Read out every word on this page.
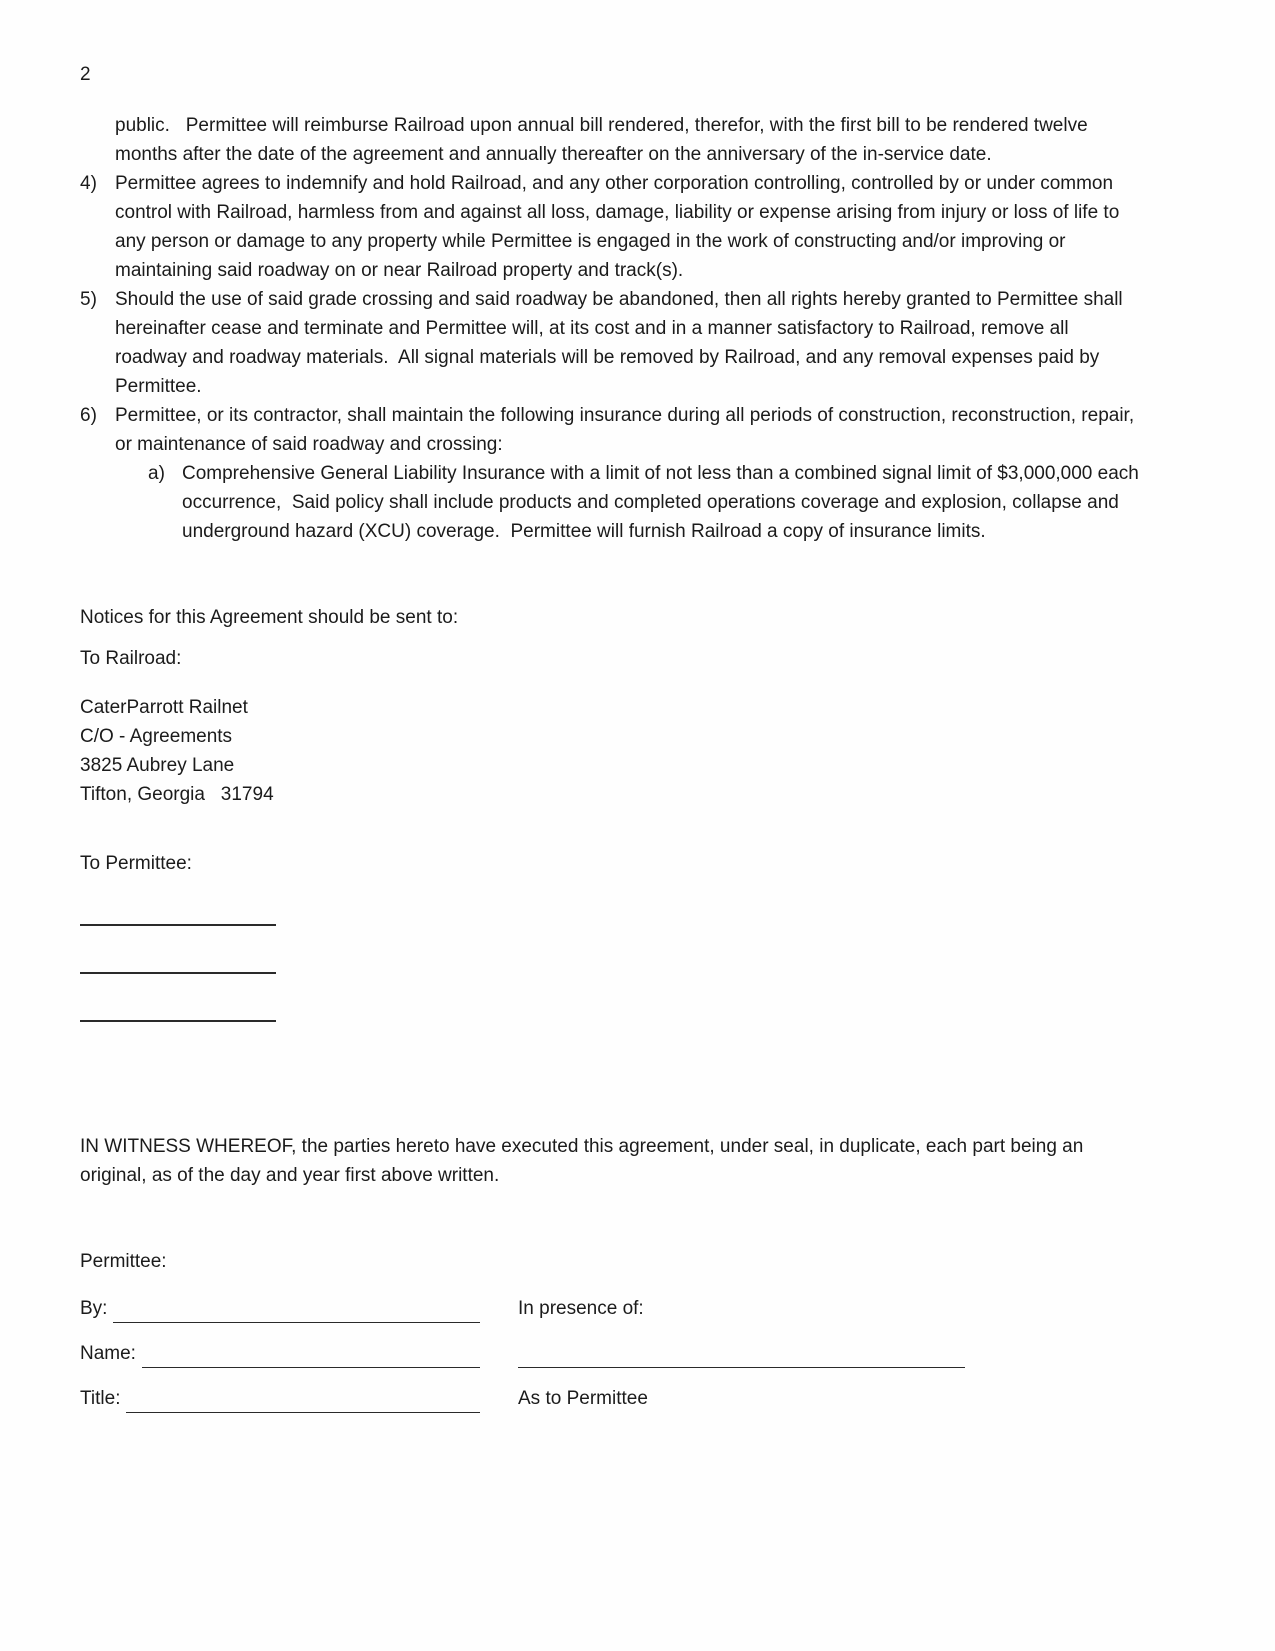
2
public.   Permittee will reimburse Railroad upon annual bill rendered, therefor, with the first bill to be rendered twelve months after the date of the agreement and annually thereafter on the anniversary of the in-service date.
4) Permittee agrees to indemnify and hold Railroad, and any other corporation controlling, controlled by or under common control with Railroad, harmless from and against all loss, damage, liability or expense arising from injury or loss of life to any person or damage to any property while Permittee is engaged in the work of constructing and/or improving or maintaining said roadway on or near Railroad property and track(s).
5) Should the use of said grade crossing and said roadway be abandoned, then all rights hereby granted to Permittee shall hereinafter cease and terminate and Permittee will, at its cost and in a manner satisfactory to Railroad, remove all roadway and roadway materials.  All signal materials will be removed by Railroad, and any removal expenses paid by Permittee.
6) Permittee, or its contractor, shall maintain the following insurance during all periods of construction, reconstruction, repair, or maintenance of said roadway and crossing:
a) Comprehensive General Liability Insurance with a limit of not less than a combined signal limit of $3,000,000 each occurrence,  Said policy shall include products and completed operations coverage and explosion, collapse and underground hazard (XCU) coverage.  Permittee will furnish Railroad a copy of insurance limits.

Notices for this Agreement should be sent to:

To Railroad:

CaterParrott Railnet
C/O - Agreements
3825 Aubrey Lane
Tifton, Georgia   31794

To Permittee:

IN WITNESS WHEREOF, the parties hereto have executed this agreement, under seal, in duplicate, each part being an original, as of the day and year first above written.

Permittee:

By:	In presence of:
Name:
Title:	As to Permittee
